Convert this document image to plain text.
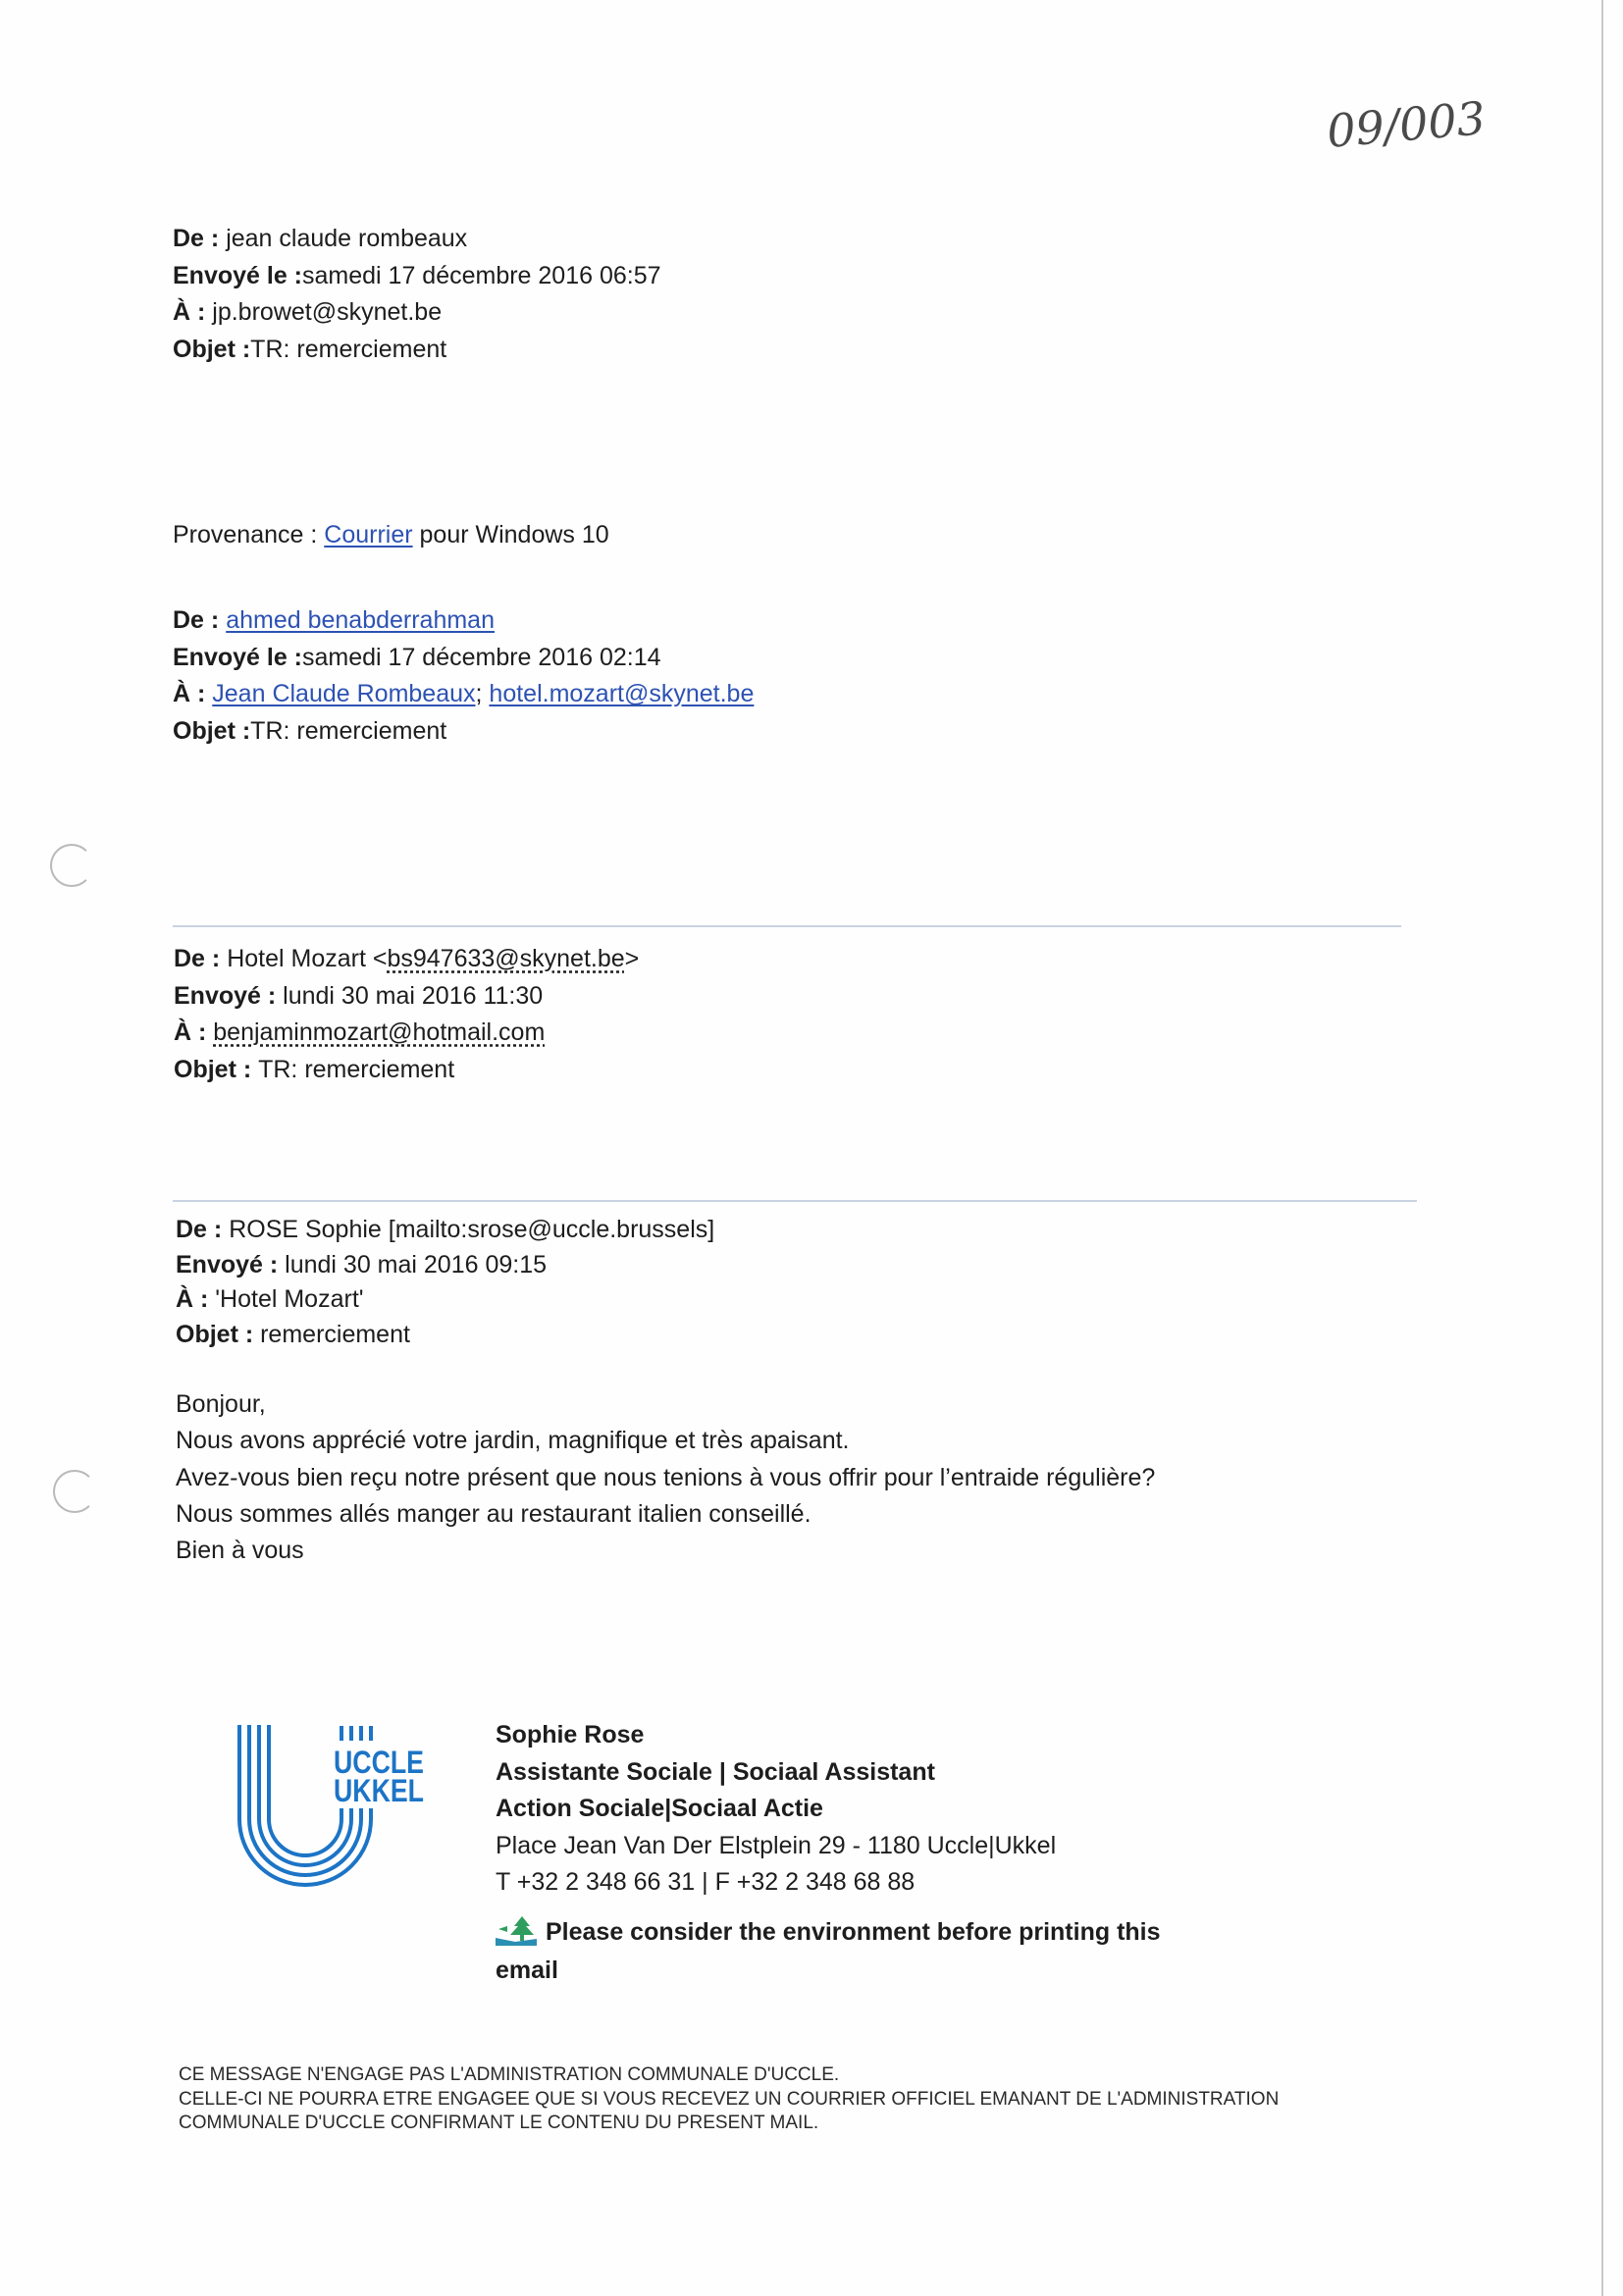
09/003
De : jean claude rombeaux
Envoyé le :samedi 17 décembre 2016 06:57
À : jp.browet@skynet.be
Objet :TR: remerciement
Provenance : Courrier pour Windows 10
De : ahmed benabderrahman
Envoyé le :samedi 17 décembre 2016 02:14
À : Jean Claude Rombeaux; hotel.mozart@skynet.be
Objet :TR: remerciement
De : Hotel Mozart <bs947633@skynet.be>
Envoyé : lundi 30 mai 2016 11:30
À : benjaminmozart@hotmail.com
Objet : TR: remerciement
De : ROSE Sophie [mailto:srose@uccle.brussels]
Envoyé : lundi 30 mai 2016 09:15
À : 'Hotel Mozart'
Objet : remerciement
Bonjour,
Nous avons apprécié votre jardin, magnifique et très apaisant.
Avez-vous bien reçu notre présent que nous tenions à vous offrir pour l’entraide régulière?
Nous sommes allés manger au restaurant italien conseillé.
Bien à vous
UCCLE
UKKEL
Sophie Rose
Assistante Sociale | Sociaal Assistant
Action Sociale|Sociaal Actie
Place Jean Van Der Elstplein 29 - 1180 Uccle|Ukkel
T +32 2 348 66 31 | F +32 2 348 68 88
Please consider the environment before printing this
email
CE MESSAGE N'ENGAGE PAS L'ADMINISTRATION COMMUNALE D'UCCLE.
CELLE-CI NE POURRA ETRE ENGAGEE QUE SI VOUS RECEVEZ UN COURRIER OFFICIEL EMANANT DE L'ADMINISTRATION
COMMUNALE D'UCCLE CONFIRMANT LE CONTENU DU PRESENT MAIL.
